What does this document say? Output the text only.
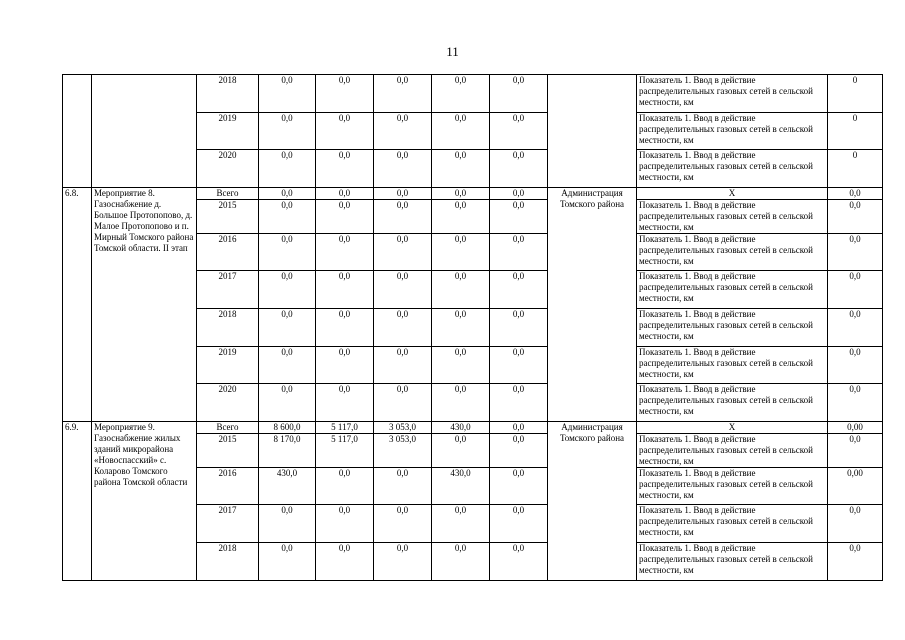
11
		2018	0,0	0,0	0,0	0,0	0,0		Показатель 1. Ввод в действие распределительных газовых сетей в сельской местности, км	0
		2019	0,0	0,0	0,0	0,0	0,0		Показатель 1. Ввод в действие распределительных газовых сетей в сельской местности, км	0
		2020	0,0	0,0	0,0	0,0	0,0		Показатель 1. Ввод в действие распределительных газовых сетей в сельской местности, км	0
6.8.	Мероприятие 8. Газоснабжение д. Большое Протопопово, д. Малое Протопопово и п. Мирный Томского района Томской области. II этап	Всего	0,0	0,0	0,0	0,0	0,0	Администрация Томского района	X	0,0
		2015	0,0	0,0	0,0	0,0	0,0		Показатель 1. Ввод в действие распределительных газовых сетей в сельской местности, км	0,0
		2016	0,0	0,0	0,0	0,0	0,0		Показатель 1. Ввод в действие распределительных газовых сетей в сельской местности, км	0,0
		2017	0,0	0,0	0,0	0,0	0,0		Показатель 1. Ввод в действие распределительных газовых сетей в сельской местности, км	0,0
		2018	0,0	0,0	0,0	0,0	0,0		Показатель 1. Ввод в действие распределительных газовых сетей в сельской местности, км	0,0
		2019	0,0	0,0	0,0	0,0	0,0		Показатель 1. Ввод в действие распределительных газовых сетей в сельской местности, км	0,0
		2020	0,0	0,0	0,0	0,0	0,0		Показатель 1. Ввод в действие распределительных газовых сетей в сельской местности, км	0,0
6.9.	Мероприятие 9. Газоснабжение жилых зданий микрорайона «Новоспасский» с. Коларово Томского района Томской области	Всего	8 600,0	5 117,0	3 053,0	430,0	0,0	Администрация Томского района	X	0,00
		2015	8 170,0	5 117,0	3 053,0	0,0	0,0		Показатель 1. Ввод в действие распределительных газовых сетей в сельской местности, км	0,0
		2016	430,0	0,0	0,0	430,0	0,0		Показатель 1. Ввод в действие распределительных газовых сетей в сельской местности, км	0,00
		2017	0,0	0,0	0,0	0,0	0,0		Показатель 1. Ввод в действие распределительных газовых сетей в сельской местности, км	0,0
		2018	0,0	0,0	0,0	0,0	0,0		Показатель 1. Ввод в действие распределительных газовых сетей в сельской местности, км	0,0
